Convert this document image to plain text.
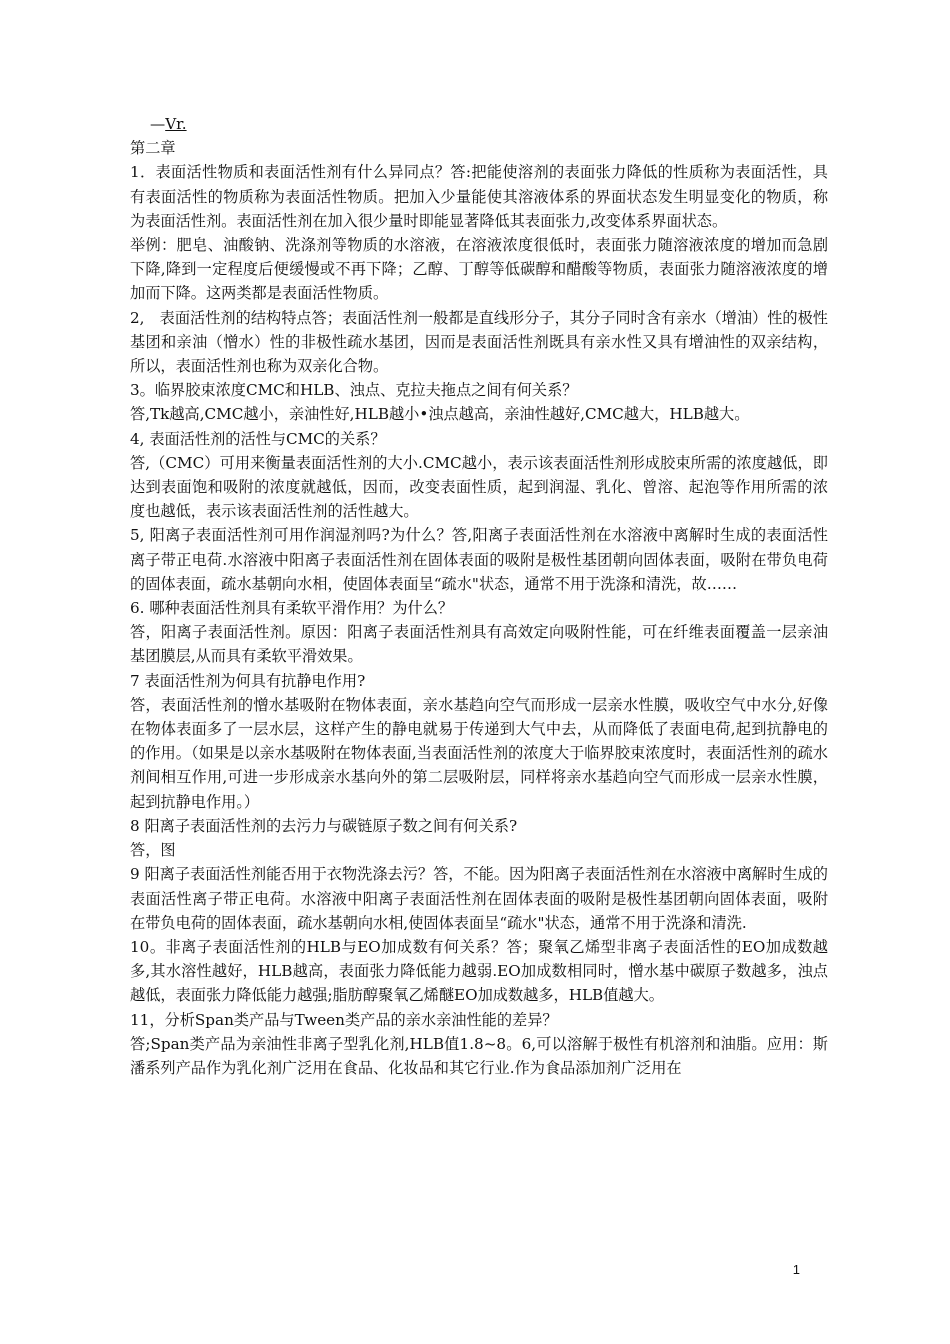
—Vr.

第二章

1．表面活性物质和表面活性剂有什么异同点？答:把能使溶剂的表面张力降低的性质称为表面活性，具有表面活性的物质称为表面活性物质。把加入少量能使其溶液体系的界面状态发生明显变化的物质，称为表面活性剂。表面活性剂在加入很少量时即能显著降低其表面张力,改变体系界面状态。

举例：肥皂、油酸钠、洗涤剂等物质的水溶液，在溶液浓度很低时，表面张力随溶液浓度的增加而急剧下降,降到一定程度后便缓慢或不再下降；乙醇、丁醇等低碳醇和醋酸等物质，表面张力随溶液浓度的增加而下降。这两类都是表面活性物质。

2,　表面活性剂的结构特点答；表面活性剂一般都是直线形分子，其分子同时含有亲水（增油）性的极性基团和亲油（憎水）性的非极性疏水基团，因而是表面活性剂既具有亲水性又具有增油性的双亲结构，所以，表面活性剂也称为双亲化合物。

3。临界胶束浓度CMC和HLB、浊点、克拉夫拖点之间有何关系？

答,Tk越高,CMC越小，亲油性好,HLB越小•浊点越高，亲油性越好,CMC越大，HLB越大。

4, 表面活性剂的活性与CMC的关系？

答,（CMC）可用来衡量表面活性剂的大小.CMC越小，表示该表面活性剂形成胶束所需的浓度越低，即达到表面饱和吸附的浓度就越低，因而，改变表面性质，起到润湿、乳化、曾溶、起泡等作用所需的浓度也越低，表示该表面活性剂的活性越大。

5, 阳离子表面活性剂可用作润湿剂吗?为什么？答,阳离子表面活性剂在水溶液中离解时生成的表面活性离子带正电荷.水溶液中阳离子表面活性剂在固体表面的吸附是极性基团朝向固体表面，吸附在带负电荷的固体表面，疏水基朝向水相，使固体表面呈“疏水"状态，通常不用于洗涤和清洗，故……

6. 哪种表面活性剂具有柔软平滑作用？为什么？

答，阳离子表面活性剂。原因：阳离子表面活性剂具有高效定向吸附性能，可在纤维表面覆盖一层亲油基团膜层,从而具有柔软平滑效果。

7 表面活性剂为何具有抗静电作用?

答，表面活性剂的憎水基吸附在物体表面，亲水基趋向空气而形成一层亲水性膜，吸收空气中水分,好像在物体表面多了一层水层，这样产生的静电就易于传递到大气中去，从而降低了表面电荷,起到抗静电的的作用。（如果是以亲水基吸附在物体表面,当表面活性剂的浓度大于临界胶束浓度时，表面活性剂的疏水剂间相互作用,可进一步形成亲水基向外的第二层吸附层，同样将亲水基趋向空气而形成一层亲水性膜，起到抗静电作用。）

8 阳离子表面活性剂的去污力与碳链原子数之间有何关系?

答，图

9 阳离子表面活性剂能否用于衣物洗涤去污？答，不能。因为阳离子表面活性剂在水溶液中离解时生成的表面活性离子带正电荷。水溶液中阳离子表面活性剂在固体表面的吸附是极性基团朝向固体表面，吸附在带负电荷的固体表面，疏水基朝向水相,使固体表面呈“疏水"状态，通常不用于洗涤和清洗.

10。非离子表面活性剂的HLB与EO加成数有何关系？答；聚氧乙烯型非离子表面活性的EO加成数越多,其水溶性越好，HLB越高，表面张力降低能力越弱.EO加成数相同时，憎水基中碳原子数越多，浊点越低，表面张力降低能力越强;脂肪醇聚氧乙烯醚EO加成数越多，HLB值越大。

11，分析Span类产品与Tween类产品的亲水亲油性能的差异？

答;Span类产品为亲油性非离子型乳化剂,HLB值1.8~8。6,可以溶解于极性有机溶剂和油脂。应用：斯潘系列产品作为乳化剂广泛用在食品、化妆品和其它行业.作为食品添加剂广泛用在

1
